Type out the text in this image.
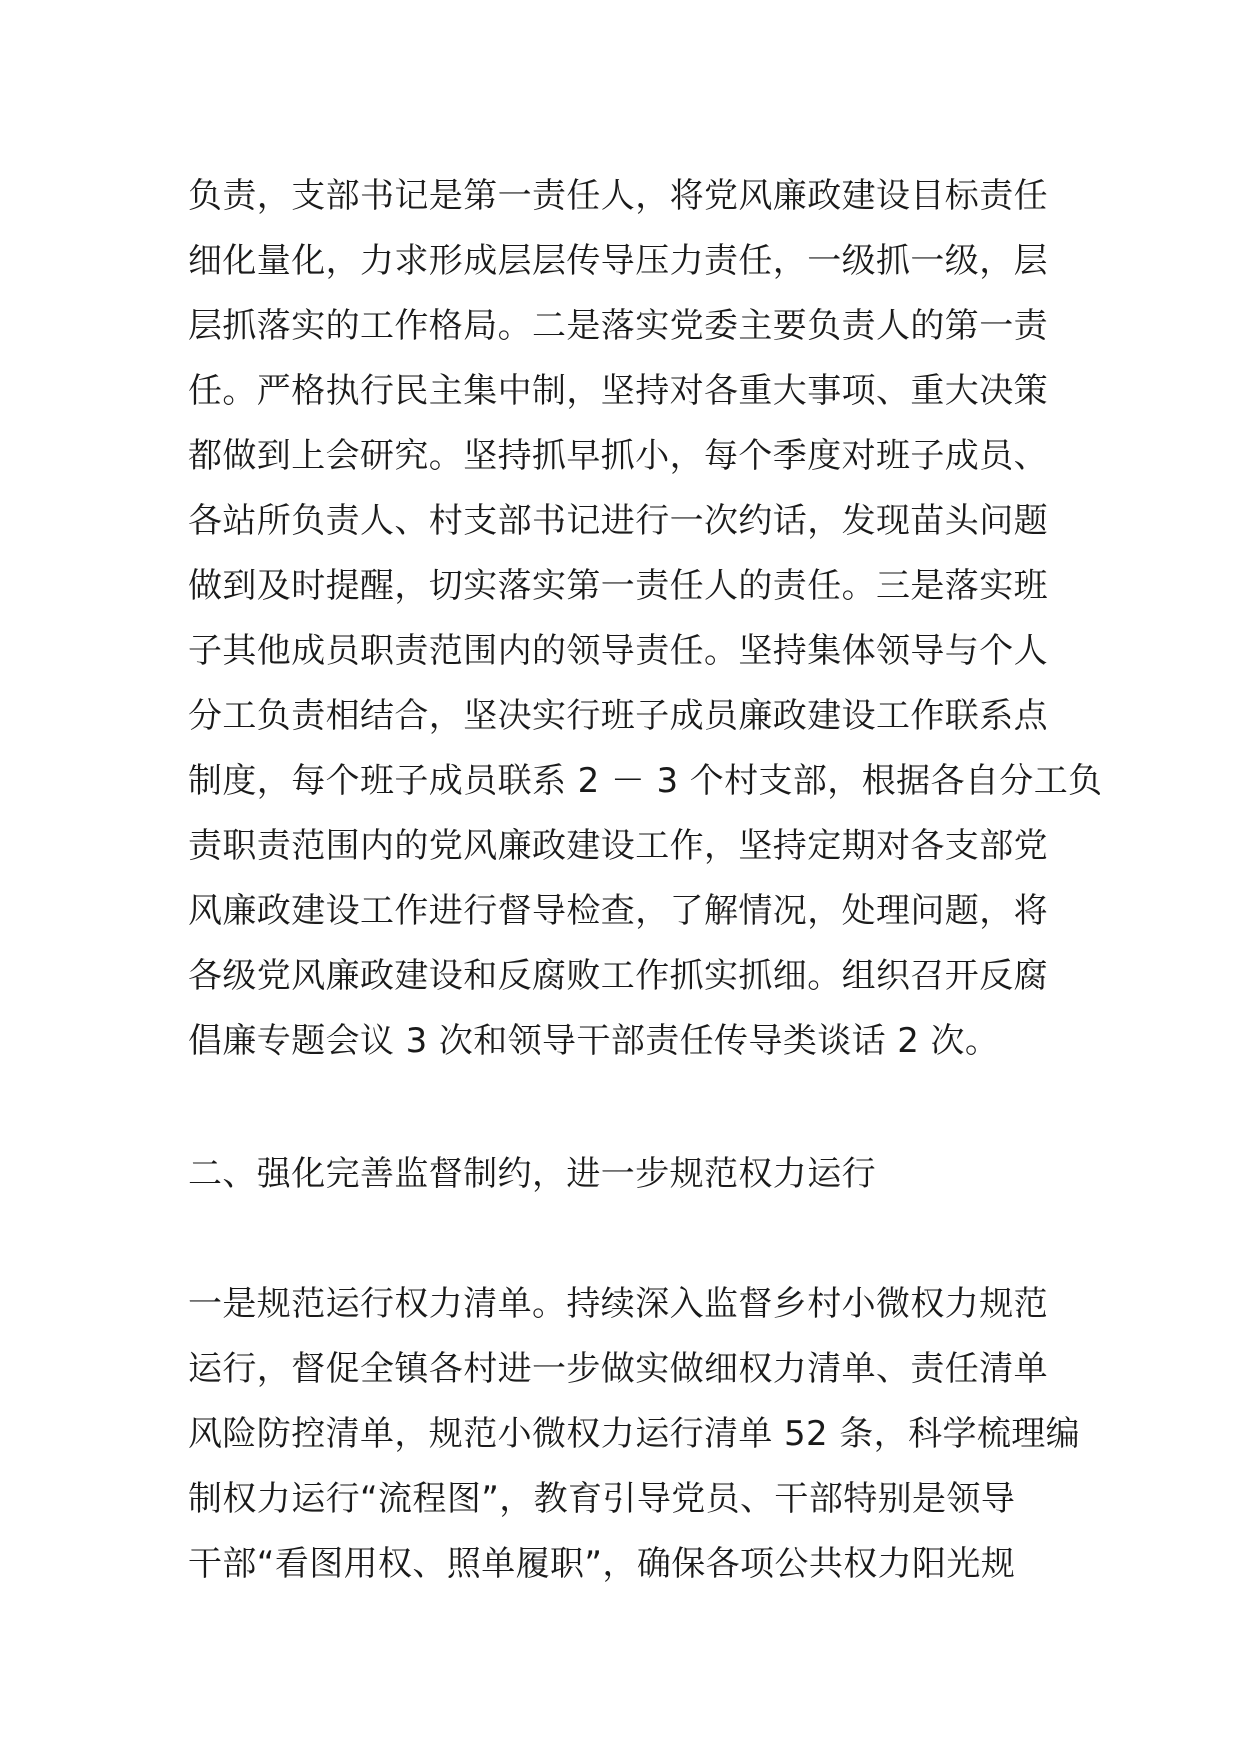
负责，支部书记是第一责任人，将党风廉政建设目标责任
细化量化，力求形成层层传导压力责任，一级抓一级，层
层抓落实的工作格局。二是落实党委主要负责人的第一责
任。严格执行民主集中制，坚持对各重大事项、重大决策
都做到上会研究。坚持抓早抓小，每个季度对班子成员、
各站所负责人、村支部书记进行一次约话，发现苗头问题
做到及时提醒，切实落实第一责任人的责任。三是落实班
子其他成员职责范围内的领导责任。坚持集体领导与个人
分工负责相结合，坚决实行班子成员廉政建设工作联系点
制度，每个班子成员联系 2 － 3 个村支部，根据各自分工负
责职责范围内的党风廉政建设工作，坚持定期对各支部党
风廉政建设工作进行督导检查，了解情况，处理问题，将
各级党风廉政建设和反腐败工作抓实抓细。组织召开反腐
倡廉专题会议 3 次和领导干部责任传导类谈话 2 次。
二、强化完善监督制约，进一步规范权力运行
一是规范运行权力清单。持续深入监督乡村小微权力规范
运行，督促全镇各村进一步做实做细权力清单、责任清单
风险防控清单，规范小微权力运行清单 52 条，科学梳理编
制权力运行“流程图”，教育引导党员、干部特别是领导
干部“看图用权、照单履职”，确保各项公共权力阳光规
